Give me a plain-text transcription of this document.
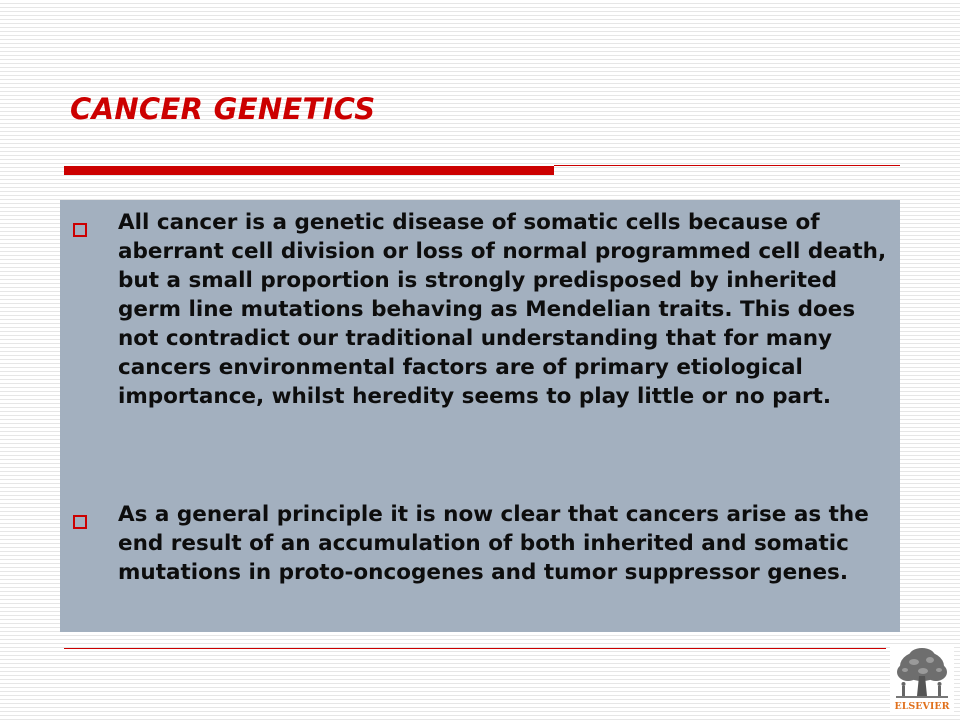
CANCER GENETICS

All cancer is a genetic disease of somatic cells because of aberrant cell division or loss of normal programmed cell death, but a small proportion is strongly predisposed by inherited germ line mutations behaving as Mendelian traits. This does not contradict our traditional understanding that for many cancers environmental factors are of primary etiological importance, whilst heredity seems to play little or no part.

As a general principle it is now clear that cancers arise as the end result of an accumulation of both inherited and somatic mutations in proto-oncogenes and tumor suppressor genes.

ELSEVIER
